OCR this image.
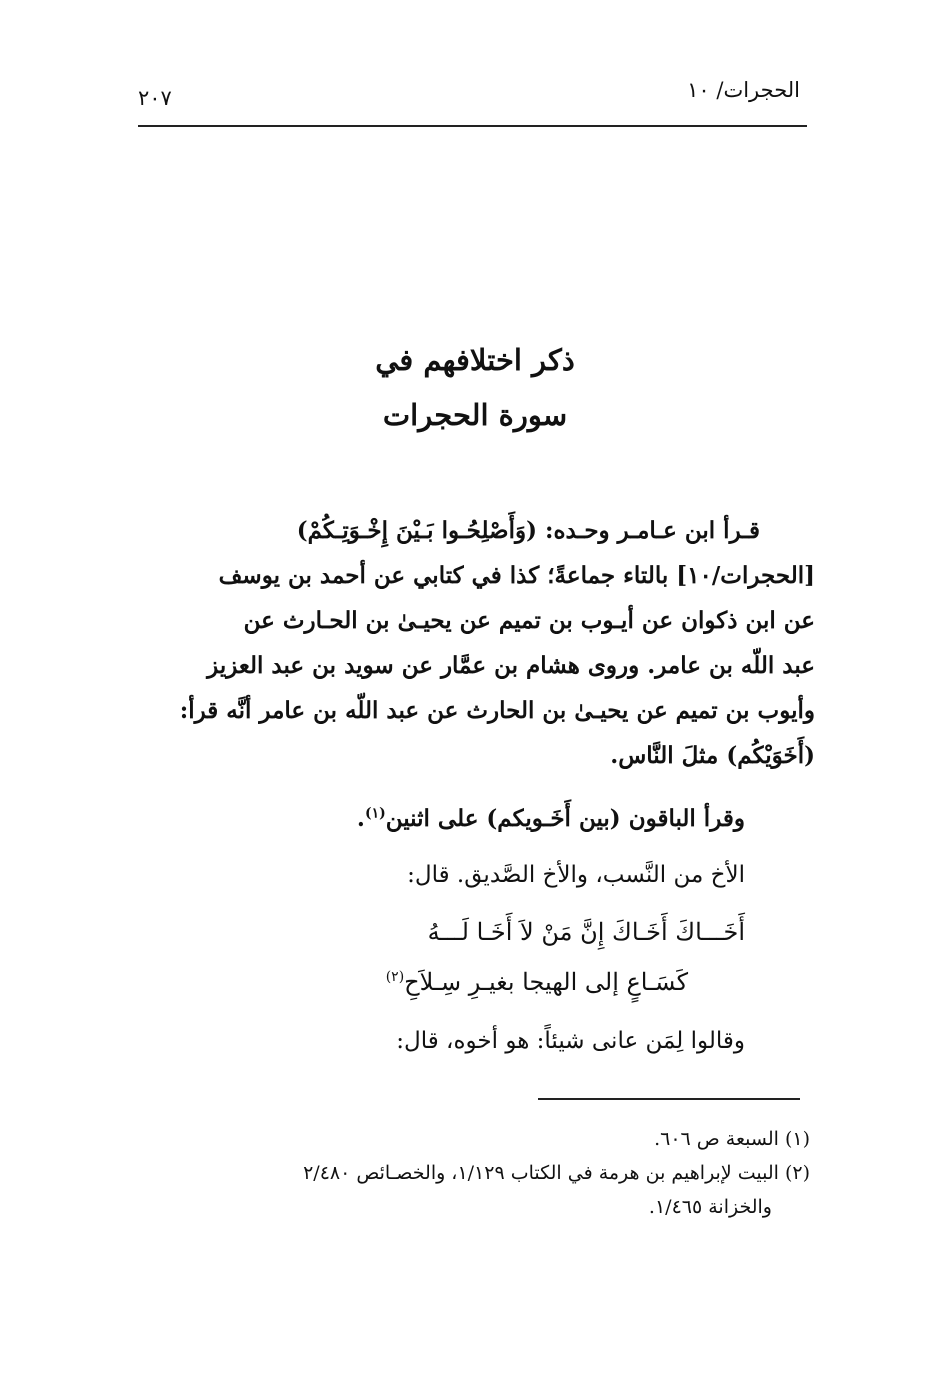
الحجرات/ ١٠
٢٠٧
ذكر اختلافهم في
سورة الحجرات
قـرأ ابن عـامـر وحـده: (وَأَصْلِحُـوا بَـيْنَ إِخْـوَتِـكُمْ)
[الحجرات/١٠] بالتاء جماعةً؛ كذا في كتابي عن أحمد بن يوسف
عن ابن ذكوان عن أيـوب بن تميم عن يحيـىٰ بن الحـارث عن
عبد اللّه بن عامر. وروى هشام بن عمَّار عن سويد بن عبد العزيز
وأيوب بن تميم عن يحيـىٰ بن الحارث عن عبد اللّه بن عامر أنَّه قرأ:
(أَخَوَيْكُم) مثلَ النَّاس.
وقرأ الباقون (بين أَخَـويكم) على اثنين$^{(١)}$.
الأخ من النَّسب، والأخ الصَّديق. قال:
أَخَـــاكَ أَخَـاكَ إِنَّ مَنْ لاَ أَخَـا لَـــهُ
كَسَـاعٍ إلى الهيجا بغيـرِ سِـلاَحِ$^{(٢)}$
وقالوا لِمَن عانى شيئاً: هو أخوه، قال:
(١) السبعة ص ٦٠٦.
(٢) البيت لإبراهيم بن هرمة في الكتاب ١/١٢٩، والخصـائص ٢/٤٨٠
والخزانة ١/٤٦٥.
